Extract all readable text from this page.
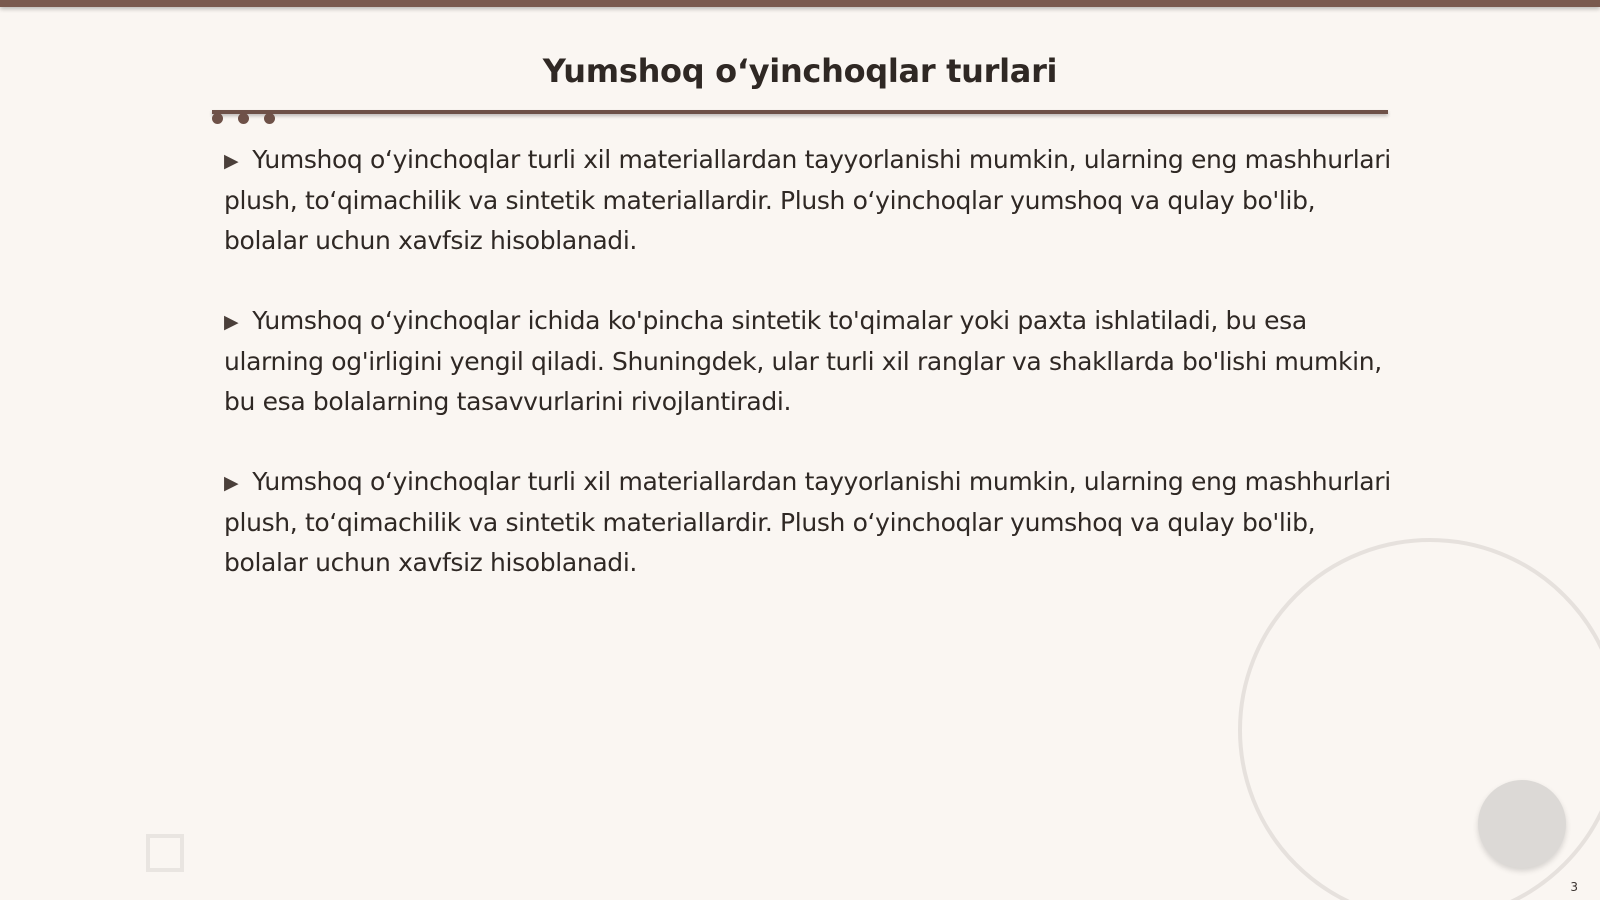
Yumshoq o‘yinchoqlar turlari

▶ Yumshoq o‘yinchoqlar turli xil materiallardan tayyorlanishi mumkin, ularning eng mashhurlari plush, to‘qimachilik va sintetik materiallardir. Plush o‘yinchoqlar yumshoq va qulay bo'lib, bolalar uchun xavfsiz hisoblanadi.

▶ Yumshoq o‘yinchoqlar ichida ko'pincha sintetik to'qimalar yoki paxta ishlatiladi, bu esa ularning og'irligini yengil qiladi. Shuningdek, ular turli xil ranglar va shakllarda bo'lishi mumkin, bu esa bolalarning tasavvurlarini rivojlantiradi.

▶ Yumshoq o‘yinchoqlar turli xil materiallardan tayyorlanishi mumkin, ularning eng mashhurlari plush, to‘qimachilik va sintetik materiallardir. Plush o‘yinchoqlar yumshoq va qulay bo'lib, bolalar uchun xavfsiz hisoblanadi.

3
